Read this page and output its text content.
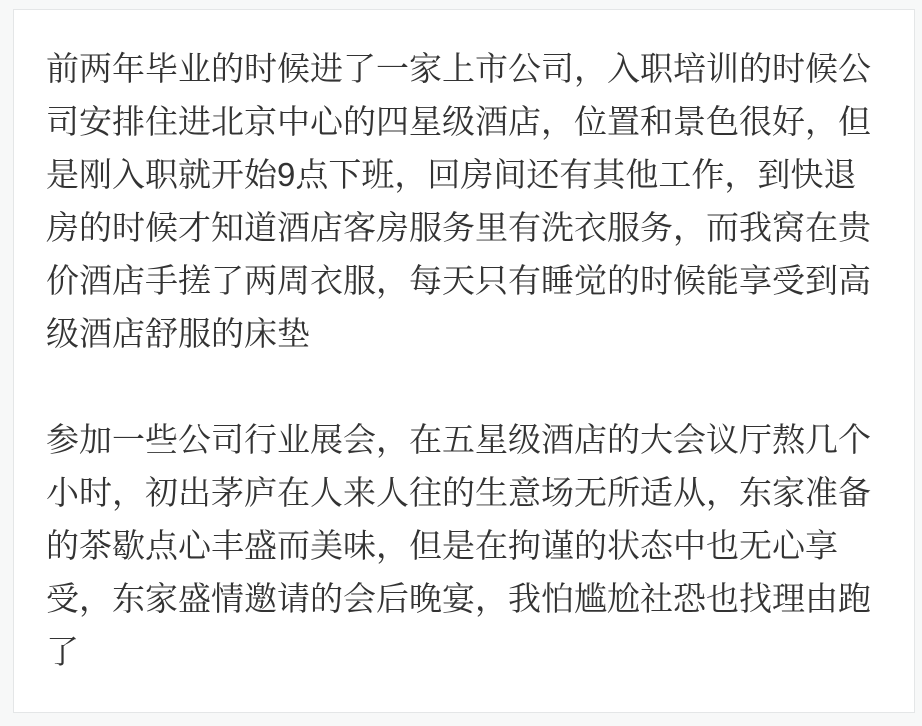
前两年毕业的时候进了一家上市公司，入职培训的时候公
司安排住进北京中心的四星级酒店，位置和景色很好，但
是刚入职就开始9点下班，回房间还有其他工作，到快退
房的时候才知道酒店客房服务里有洗衣服务，而我窝在贵
价酒店手搓了两周衣服，每天只有睡觉的时候能享受到高
级酒店舒服的床垫

参加一些公司行业展会，在五星级酒店的大会议厅熬几个
小时，初出茅庐在人来人往的生意场无所适从，东家准备
的茶歇点心丰盛而美味，但是在拘谨的状态中也无心享
受，东家盛情邀请的会后晚宴，我怕尴尬社恐也找理由跑
了
